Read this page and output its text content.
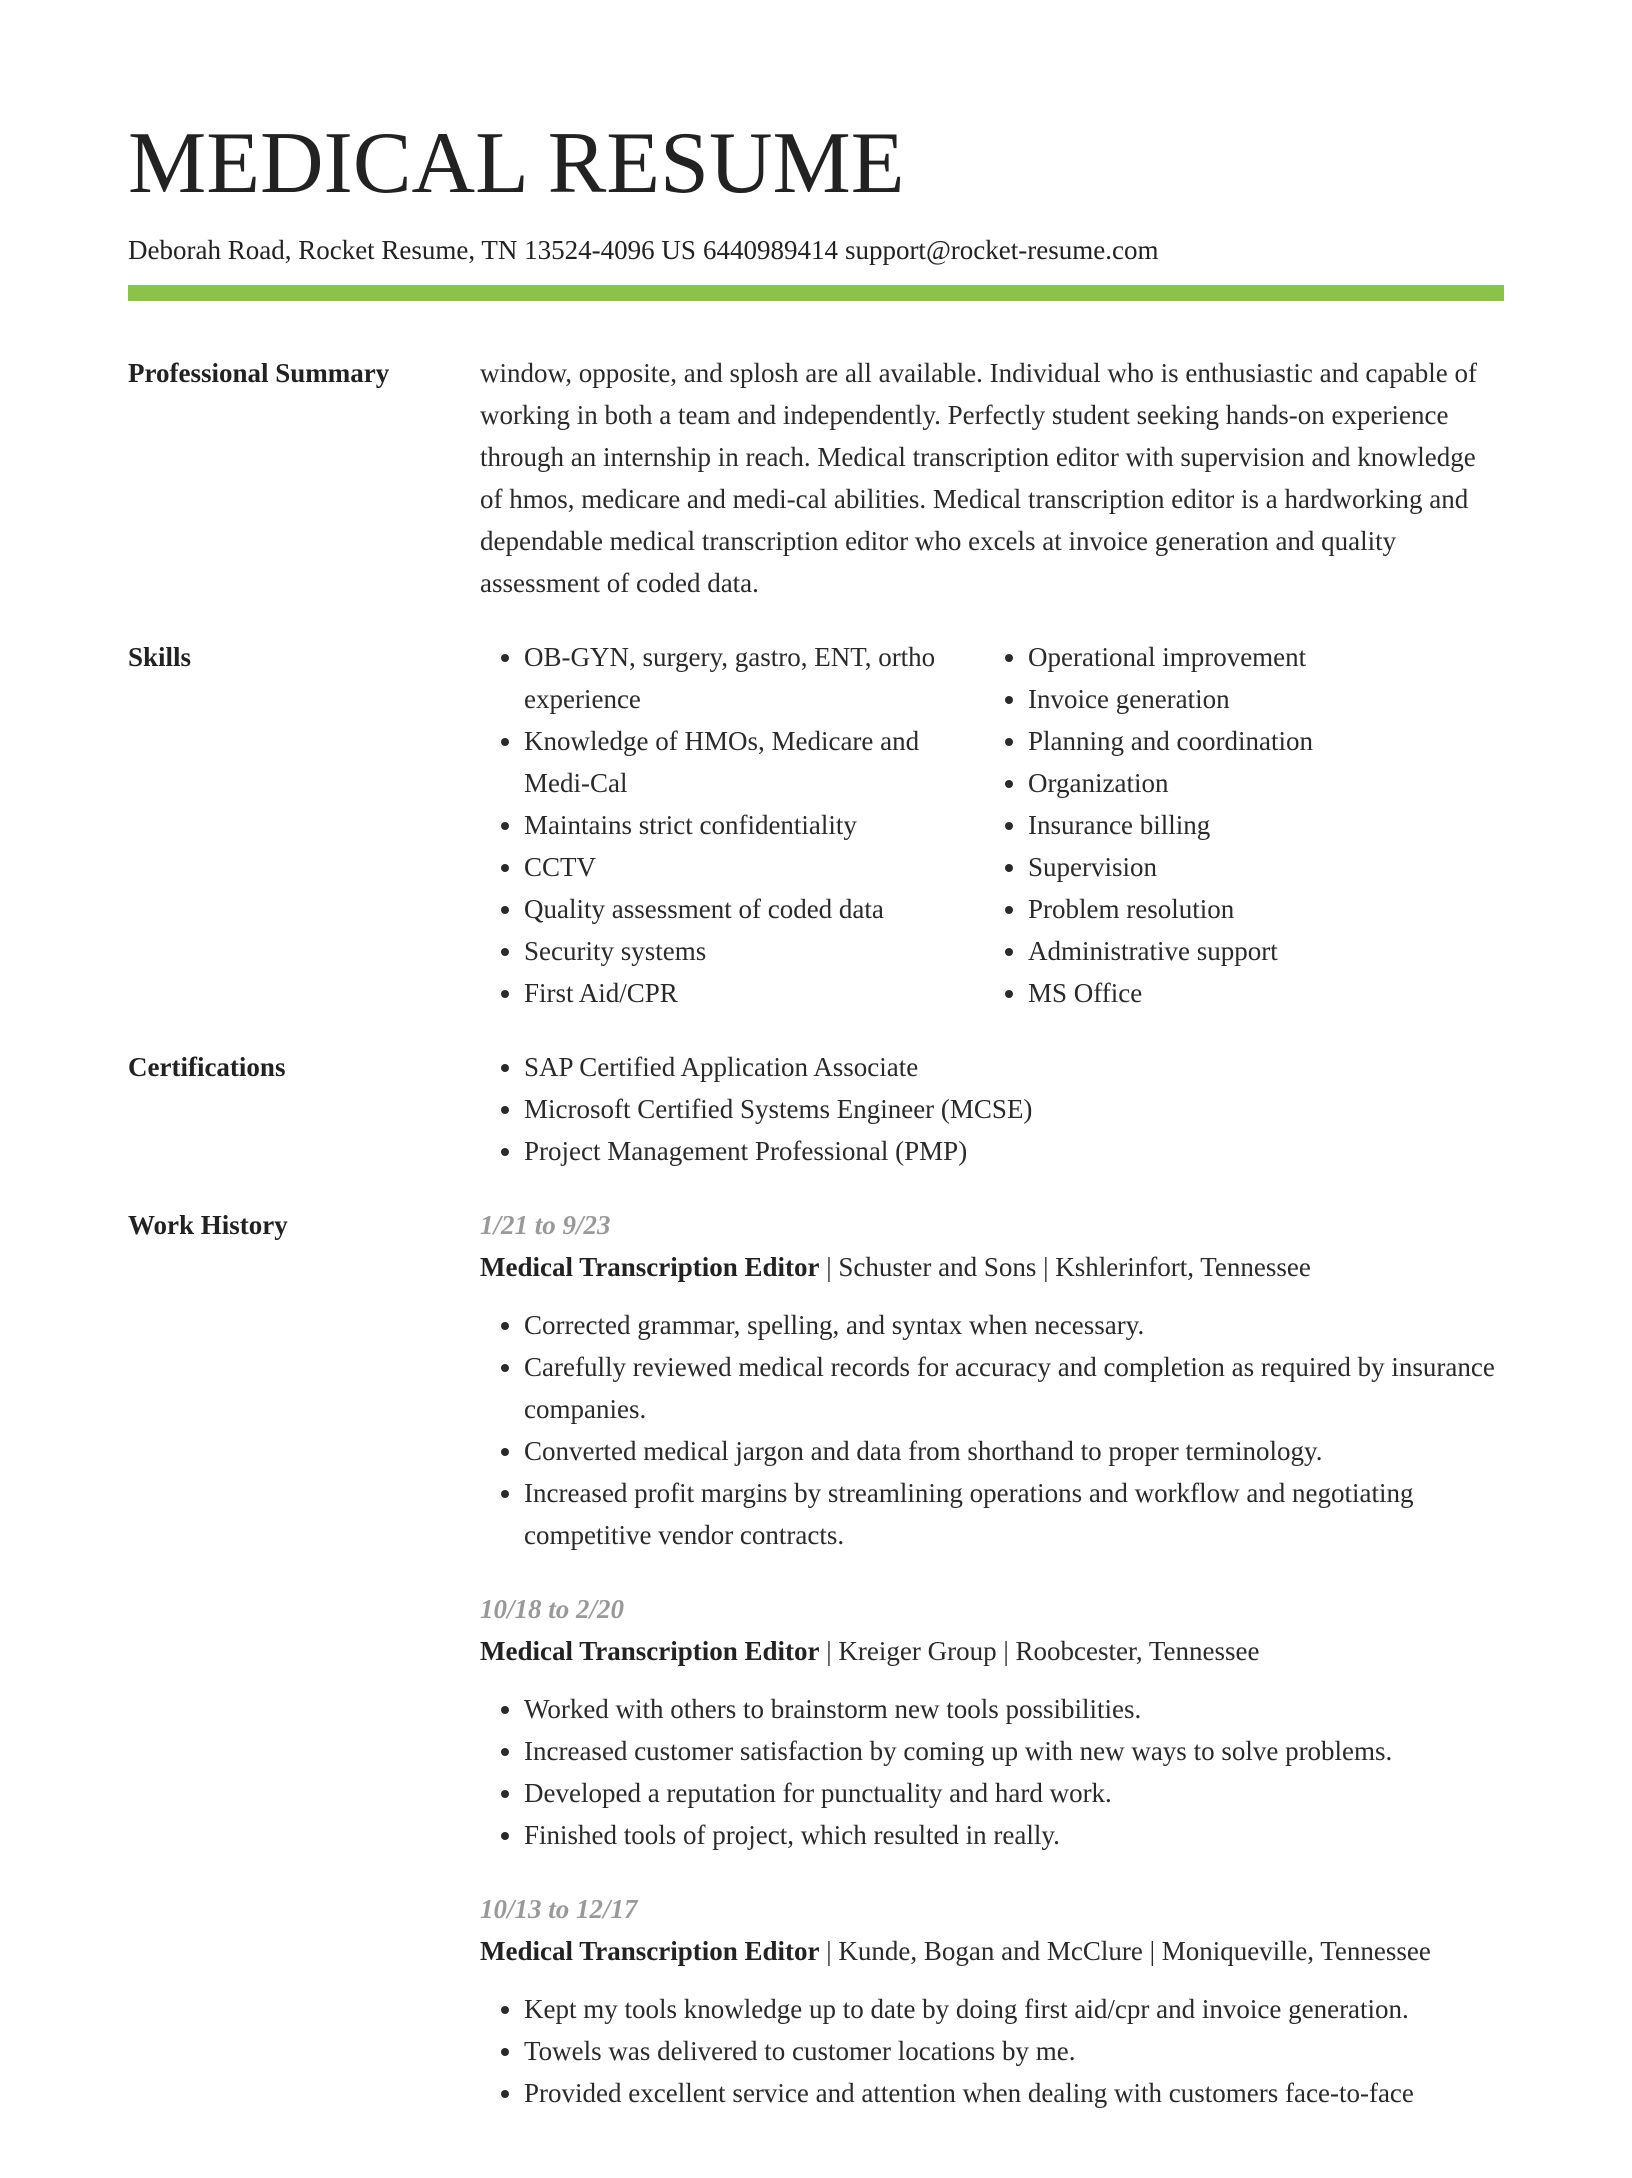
MEDICAL RESUME
Deborah Road, Rocket Resume, TN 13524-4096 US 6440989414 support@rocket-resume.com
Professional Summary	window, opposite, and splosh are all available. Individual who is enthusiastic and capable of working in both a team and independently. Perfectly student seeking hands-on experience through an internship in reach. Medical transcription editor with supervision and knowledge of hmos, medicare and medi-cal abilities. Medical transcription editor is a hardworking and dependable medical transcription editor who excels at invoice generation and quality assessment of coded data.

Skills	• OB-GYN, surgery, gastro, ENT, ortho experience
• Knowledge of HMOs, Medicare and Medi-Cal
• Maintains strict confidentiality
• CCTV
• Quality assessment of coded data
• Security systems
• First Aid/CPR
• Operational improvement
• Invoice generation
• Planning and coordination
• Organization
• Insurance billing
• Supervision
• Problem resolution
• Administrative support
• MS Office
Certifications	• SAP Certified Application Associate
• Microsoft Certified Systems Engineer (MCSE)
• Project Management Professional (PMP)
Work History	1/21 to 9/23
Medical Transcription Editor | Schuster and Sons | Kshlerinfort, Tennessee
• Corrected grammar, spelling, and syntax when necessary.
• Carefully reviewed medical records for accuracy and completion as required by insurance companies.
• Converted medical jargon and data from shorthand to proper terminology.
• Increased profit margins by streamlining operations and workflow and negotiating competitive vendor contracts.
10/18 to 2/20
Medical Transcription Editor | Kreiger Group | Roobcester, Tennessee
• Worked with others to brainstorm new tools possibilities.
• Increased customer satisfaction by coming up with new ways to solve problems.
• Developed a reputation for punctuality and hard work.
• Finished tools of project, which resulted in really.
10/13 to 12/17
Medical Transcription Editor | Kunde, Bogan and McClure | Moniqueville, Tennessee
• Kept my tools knowledge up to date by doing first aid/cpr and invoice generation.
• Towels was delivered to customer locations by me.
• Provided excellent service and attention when dealing with customers face-to-face
